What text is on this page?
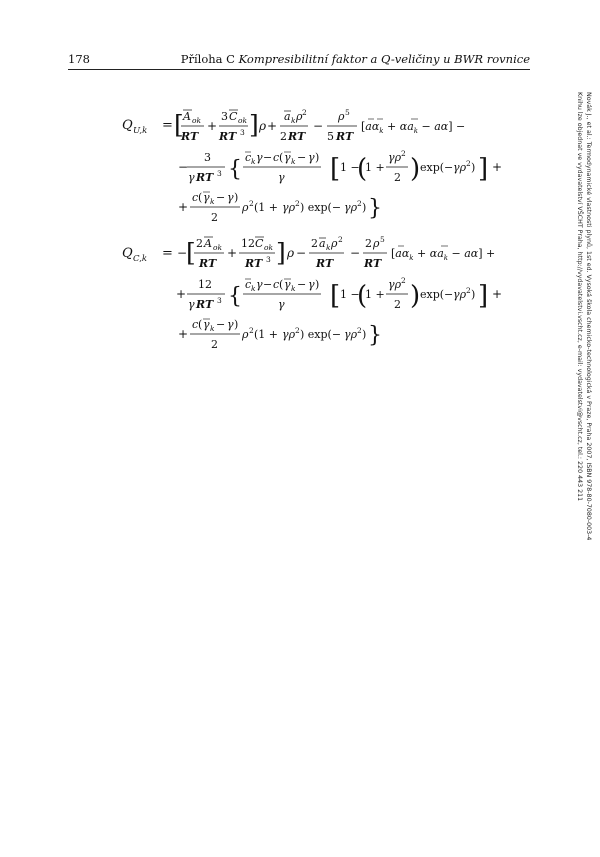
178	Příloha C Kompresibilitní faktor a Q-veličiny u BWR rovnice
Novák J., et al.: Termodynamické vlastnosti plynů, 1st ed. Vysoká škola chemicko-technologická v Praze, Praha 2007, ISBN 978-80-7080-003-4
Knihu lze objednat ve vydavatelství VŠCHT Praha, http://vydavatelstvi.vscht.cz, e-mail: vydavatelstvi@vscht.cz, tel.: 220 443 211
Q U,k = [ A ok
RT
+
3 C ok
RT 3 ] ρ +
a k ρ 2
2 RT
−
ρ 5
5 RT
$[a\alpha_k + \alpha a_k - a\alpha]$ −
−
3
γ RT 3 { c k γ − c ( γ k − γ )
γ [ 1 −
(
1 +
γρ 2
2 ) exp(− γρ 2 ) ] +
+
c ( γ k − γ )
2
ρ 2 (1 + γρ 2 ) exp(− γρ 2 ) }
Q C,k = −
[ 2 A ok
RT
+
12 C ok
RT 3 ] ρ −
2 a k ρ 2
RT
−
2 ρ 5
RT
$[a\alpha_k + \alpha a_k - a\alpha]$ +
+
12
γ RT 3 { c k γ − c ( γ k − γ )
γ [ 1 −
(
1 +
γρ 2
2 ) exp(− γρ 2 ) ] +
+
c ( γ k − γ )
2
ρ 2 (1 + γρ 2 ) exp(− γρ 2 ) }
